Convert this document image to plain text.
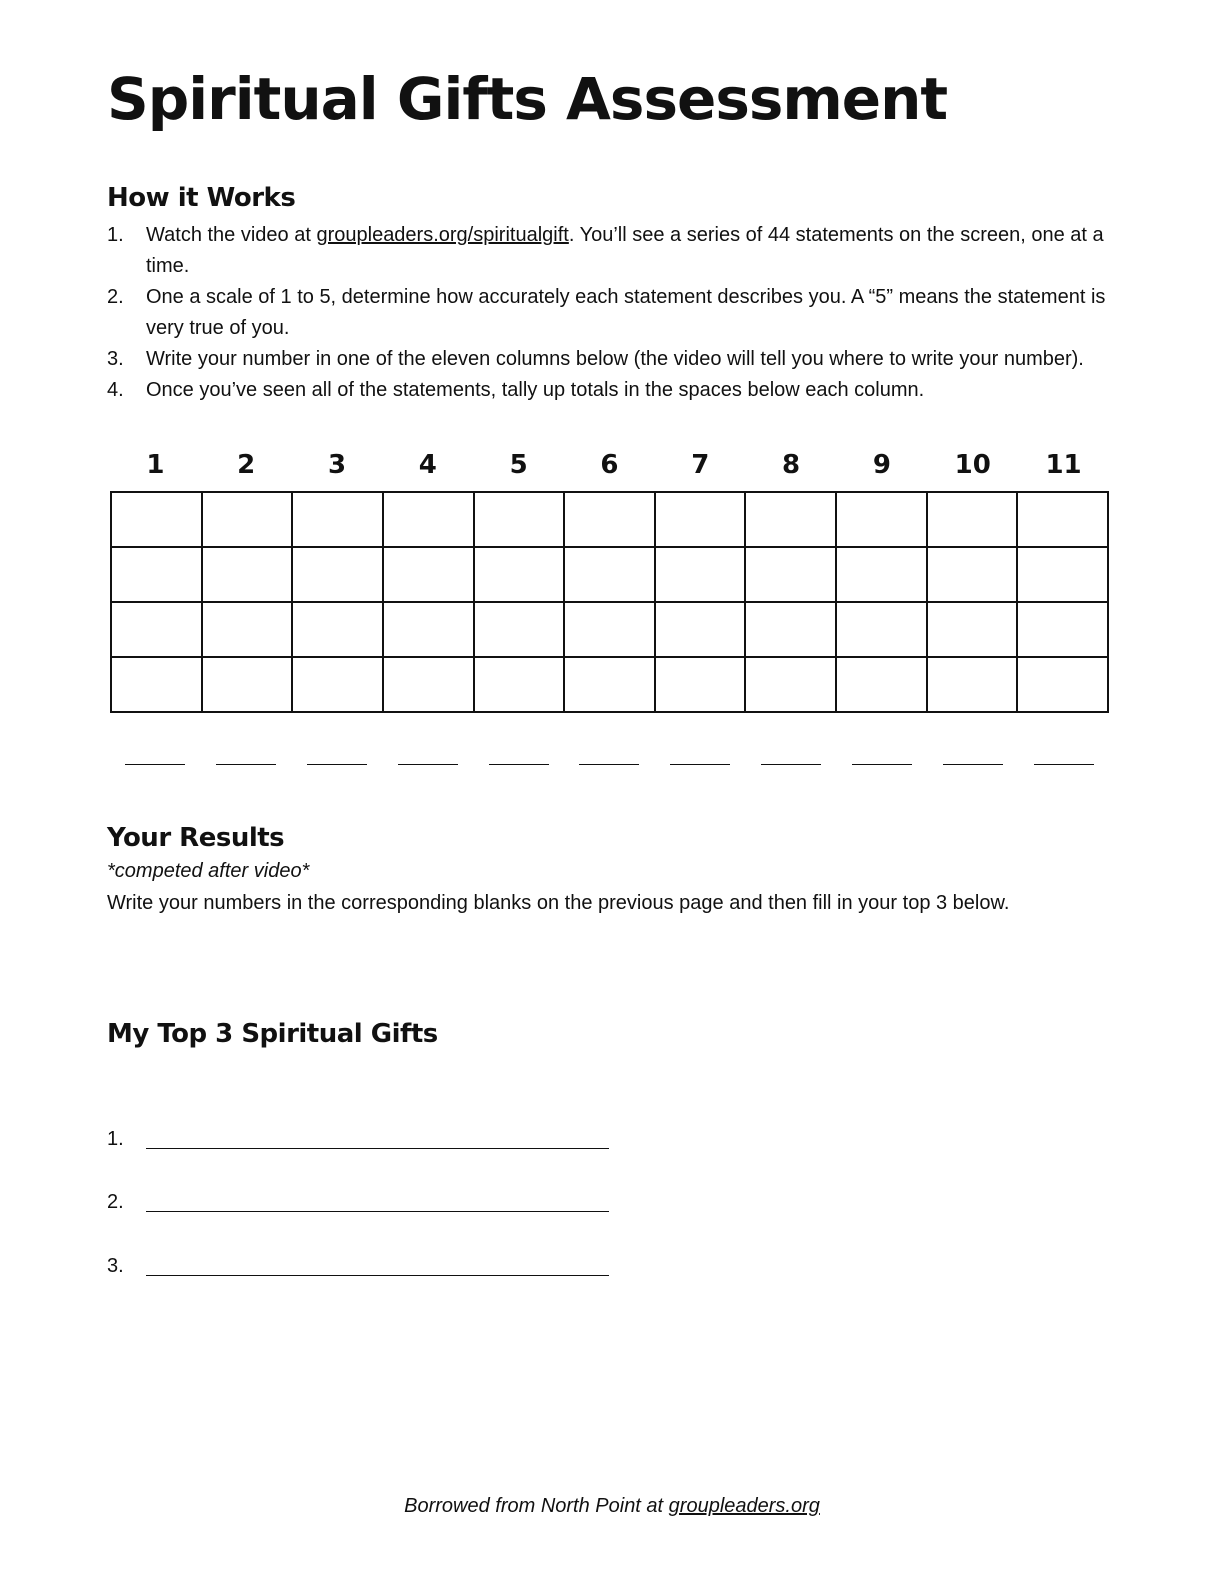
Spiritual Gifts Assessment
How it Works
1.	Watch the video at groupleaders.org/spiritualgift. You’ll see a series of 44 statements on the screen, one at a time.
2.	One a scale of 1 to 5, determine how accurately each statement describes you. A “5” means the statement is very true of you.
3.	Write your number in one of the eleven columns below (the video will tell you where to write your number).
4.	Once you’ve seen all of the statements, tally up totals in the spaces below each column.
1	2	3	4	5	6	7	8	9	10	11

Your Results

*competed after video*

Write your numbers in the corresponding blanks on the previous page and then fill in your top 3 below.

My Top 3 Spiritual Gifts
1.
2.
3.

Borrowed from North Point at groupleaders.org
